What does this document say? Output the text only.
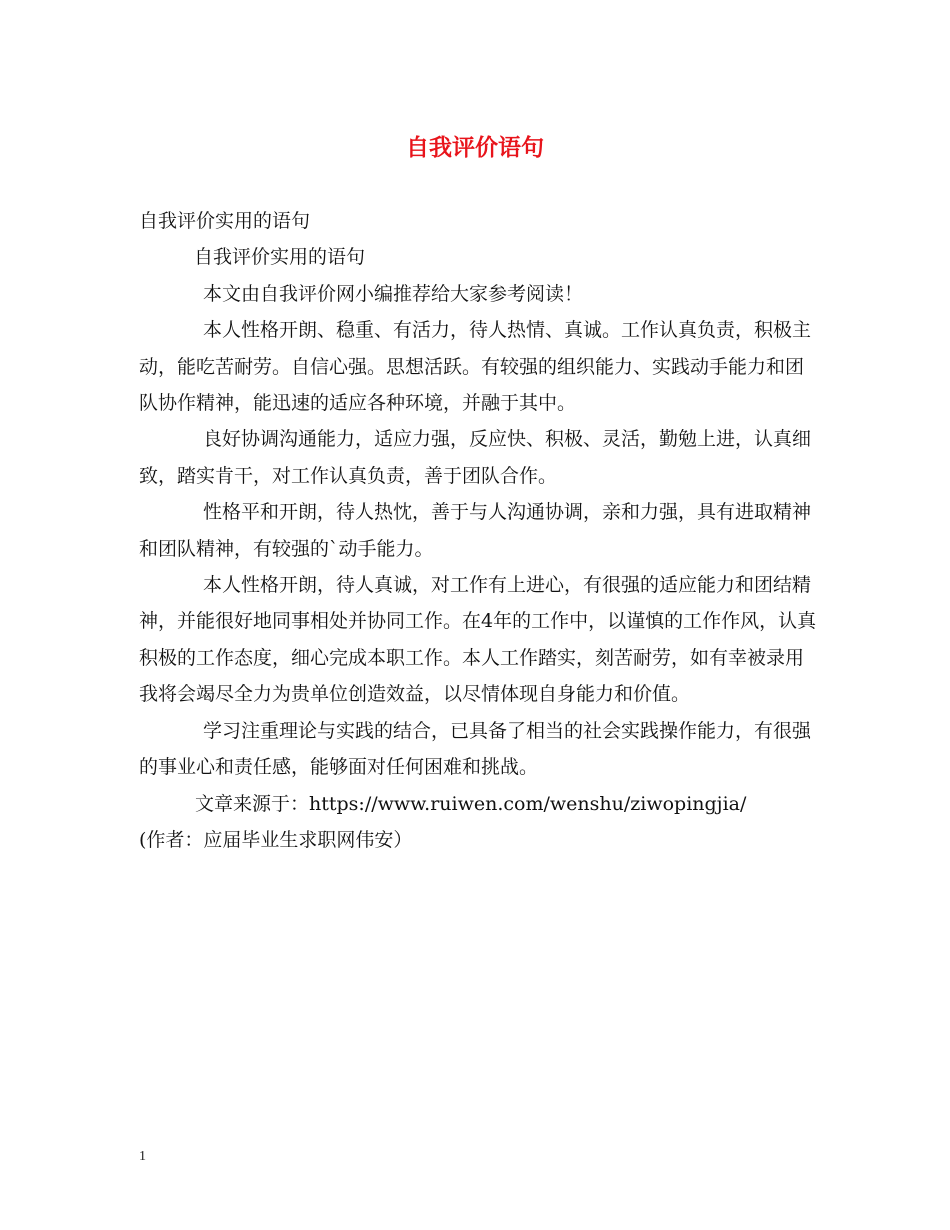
自我评价语句

自我评价实用的语句

自我评价实用的语句

本文由自我评价网小编推荐给大家参考阅读！

本人性格开朗、稳重、有活力，待人热情、真诚。工作认真负责，积极主动，能吃苦耐劳。自信心强。思想活跃。有较强的组织能力、实践动手能力和团队协作精神，能迅速的适应各种环境，并融于其中。

良好协调沟通能力，适应力强，反应快、积极、灵活，勤勉上进，认真细致，踏实肯干，对工作认真负责，善于团队合作。

性格平和开朗，待人热忱，善于与人沟通协调，亲和力强，具有进取精神和团队精神，有较强的`动手能力。

本人性格开朗，待人真诚，对工作有上进心，有很强的适应能力和团结精神，并能很好地同事相处并协同工作。在4年的工作中，以谨慎的工作作风，认真积极的工作态度，细心完成本职工作。本人工作踏实，刻苦耐劳，如有幸被录用我将会竭尽全力为贵单位创造效益，以尽情体现自身能力和价值。

学习注重理论与实践的结合，已具备了相当的社会实践操作能力，有很强的事业心和责任感，能够面对任何困难和挑战。

文章来源于：https://www.ruiwen.com/wenshu/ziwopingjia/

(作者：应届毕业生求职网伟安）

1
